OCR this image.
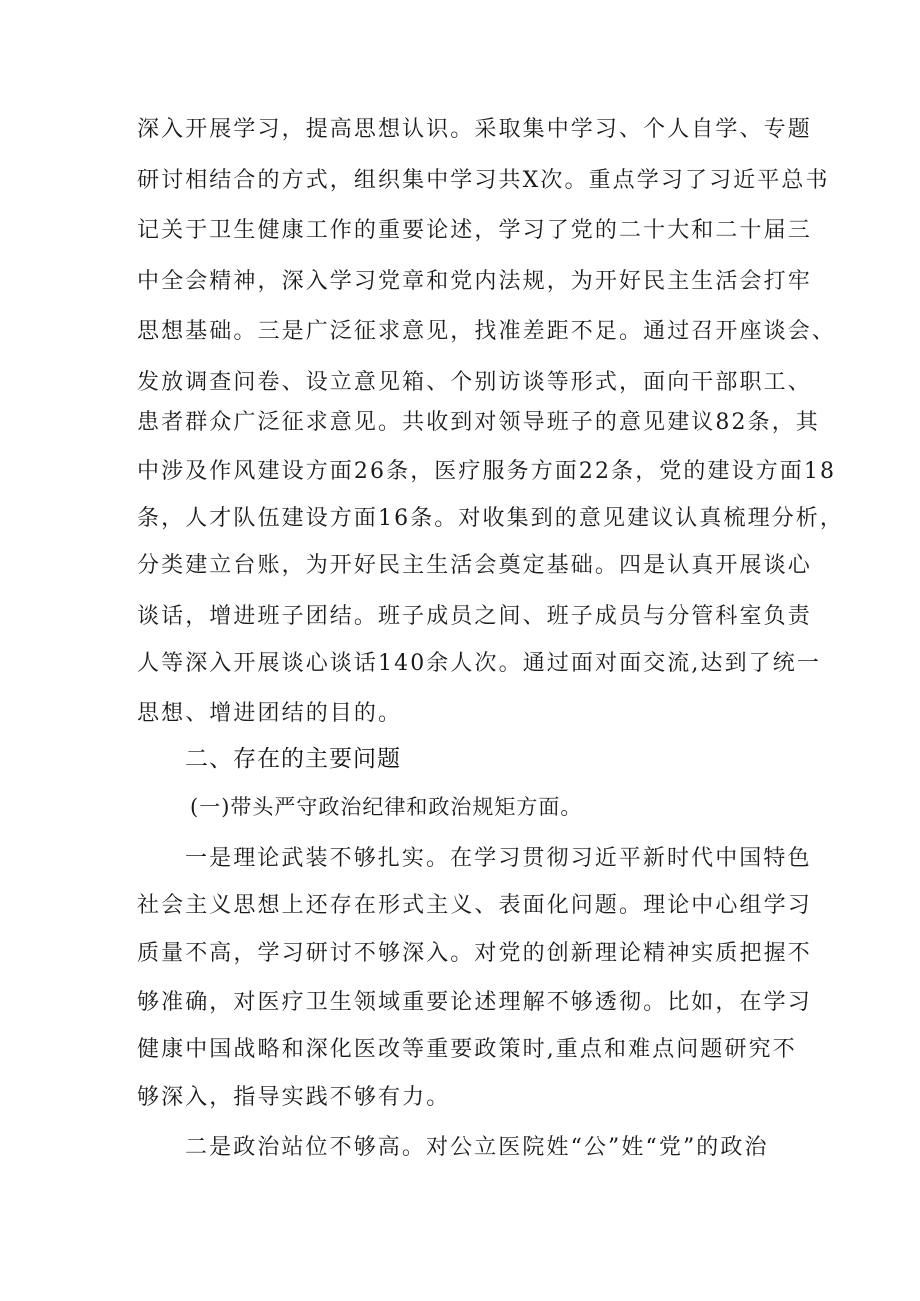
深入开展学习，提高思想认识。采取集中学习、个人自学、专题
研讨相结合的方式，组织集中学习共X次。重点学习了习近平总书
记关于卫生健康工作的重要论述，学习了党的二十大和二十届三
中全会精神，深入学习党章和党内法规，为开好民主生活会打牢
思想基础。三是广泛征求意见，找准差距不足。通过召开座谈会、
发放调查问卷、设立意见箱、个别访谈等形式，面向干部职工、
患者群众广泛征求意见。共收到对领导班子的意见建议82条，其
中涉及作风建设方面26条，医疗服务方面22条，党的建设方面18
条，人才队伍建设方面16条。对收集到的意见建议认真梳理分析，
分类建立台账，为开好民主生活会奠定基础。四是认真开展谈心
谈话，增进班子团结。班子成员之间、班子成员与分管科室负责
人等深入开展谈心谈话140余人次。通过面对面交流,达到了统一
思想、增进团结的目的。
二、存在的主要问题
(一)带头严守政治纪律和政治规矩方面。
一是理论武装不够扎实。在学习贯彻习近平新时代中国特色
社会主义思想上还存在形式主义、表面化问题。理论中心组学习
质量不高，学习研讨不够深入。对党的创新理论精神实质把握不
够准确，对医疗卫生领域重要论述理解不够透彻。比如，在学习
健康中国战略和深化医改等重要政策时,重点和难点问题研究不
够深入，指导实践不够有力。
二是政治站位不够高。对公立医院姓“公”姓“党”的政治
